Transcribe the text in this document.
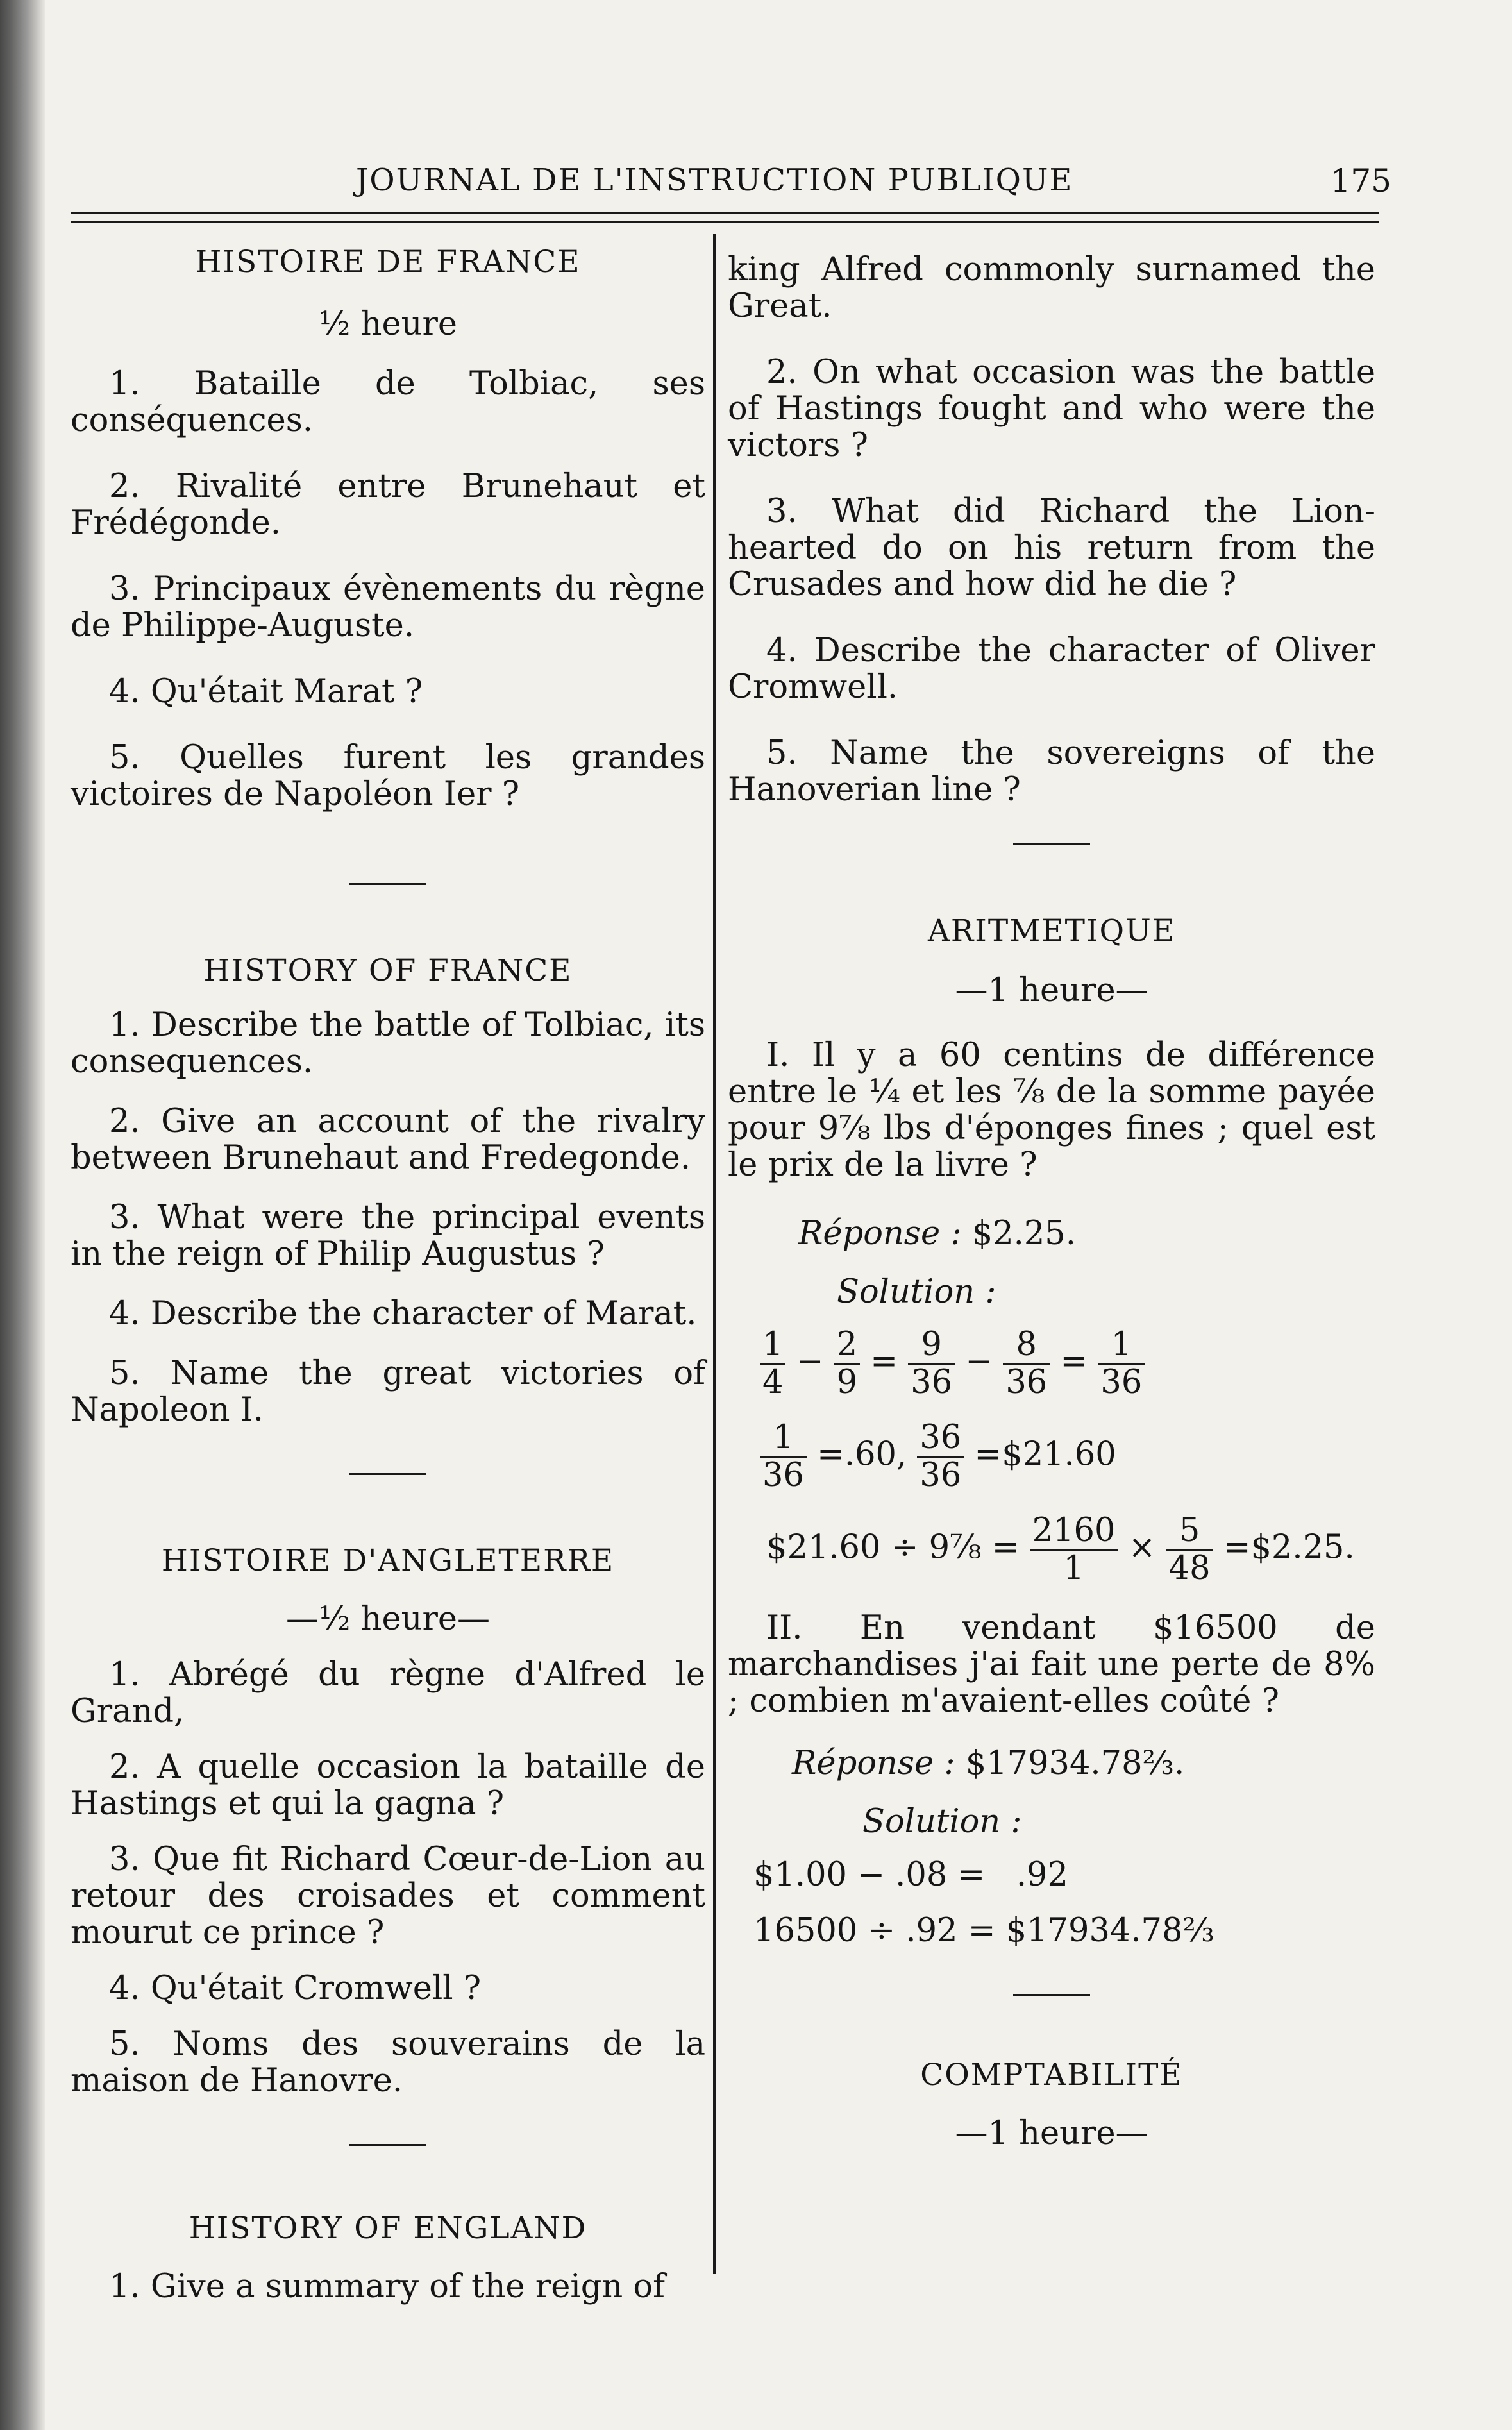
JOURNAL DE L'INSTRUCTION PUBLIQUE	175

HISTOIRE DE FRANCE

½ heure

1. Bataille de Tolbiac, ses conséquences.

2. Rivalité entre Brunehaut et Frédégonde.

3. Principaux évènements du règne de Philippe-Auguste.

4. Qu'était Marat ?

5. Quelles furent les grandes victoires de Napoléon Ier ?

HISTORY OF FRANCE

1. Describe the battle of Tolbiac, its consequences.

2. Give an account of the rivalry between Brunehaut and Fredegonde.

3. What were the principal events in the reign of Philip Augustus ?

4. Describe the character of Marat.

5. Name the great victories of Napoleon I.

HISTOIRE D'ANGLETERRE

—½ heure—

1. Abrégé du règne d'Alfred le Grand,

2. A quelle occasion la bataille de Hastings et qui la gagna ?

3. Que fit Richard Cœur-de-Lion au retour des croisades et comment mourut ce prince ?

4. Qu'était Cromwell ?

5. Noms des souverains de la maison de Hanovre.

HISTORY OF ENGLAND

1. Give a summary of the reign of

king Alfred commonly surnamed the Great.

2. On what occasion was the battle of Hastings fought and who were the victors ?

3. What did Richard the Lion-hearted do on his return from the Crusades and how did he die ?

4. Describe the character of Oliver Cromwell.

5. Name the sovereigns of the Hanoverian line ?

ARITMETIQUE

—1 heure—

I. Il y a 60 centins de différence entre le ¼ et les ⅞ de la somme payée pour 9⅞ lbs d'éponges fines ; quel est le prix de la livre ?

Réponse : $2.25.

Solution :

$\frac{1}{4} - \frac{2}{9} = \frac{9}{36} - \frac{8}{36} = \frac{1}{36}$
$\frac{1}{36} =.60$, $\frac{36}{36}$ =$21.60
$21.60 ÷ 9⅞ = $\frac{2160}{1} \times \frac{5}{48}$ =$2.25.

II. En vendant $16500 de marchandises j'ai fait une perte de 8% ; combien m'avaient-elles coûté ?

Réponse : $17934.78⅔.

Solution :

$1.00 − .08 =   .92

16500 ÷ .92 = $17934.78⅔

COMPTABILITÉ

—1 heure—
